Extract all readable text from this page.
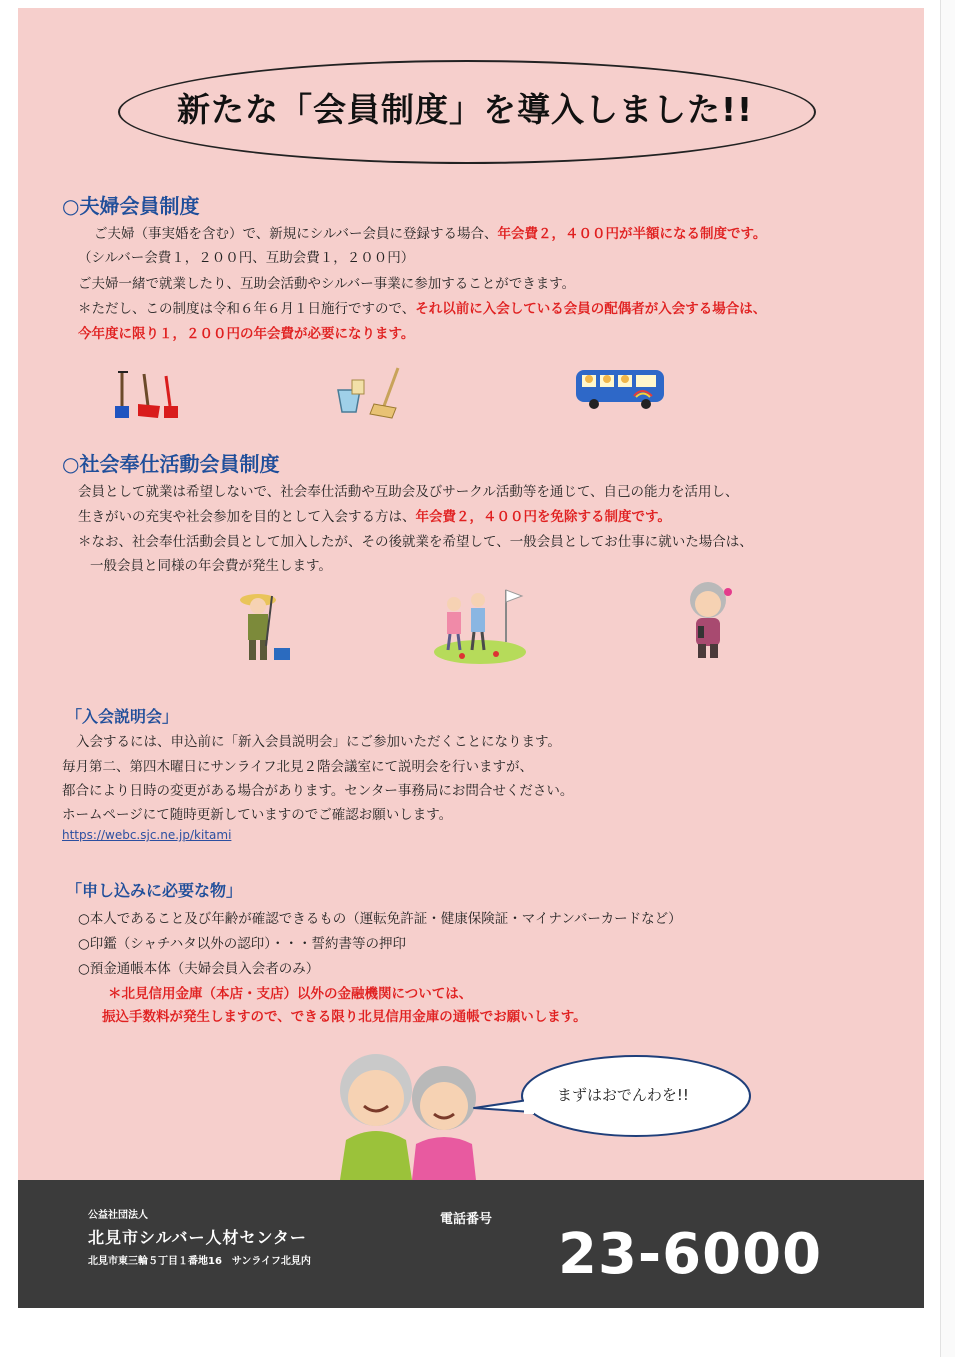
新たな「会員制度」を導入しました!!
○夫婦会員制度
ご夫婦（事実婚を含む）で、新規にシルバー会員に登録する場合、年会費２，４００円が半額になる制度です。
（シルバー会費１，２００円、互助会費１，２００円）
ご夫婦一緒で就業したり、互助会活動やシルバー事業に参加することができます。
＊ただし、この制度は令和６年６月１日施行ですので、それ以前に入会している会員の配偶者が入会する場合は、
今年度に限り１，２００円の年会費が必要になります。
○社会奉仕活動会員制度
会員として就業は希望しないで、社会奉仕活動や互助会及びサークル活動等を通じて、自己の能力を活用し、
生きがいの充実や社会参加を目的として入会する方は、年会費２，４００円を免除する制度です。
＊なお、社会奉仕活動会員として加入したが、その後就業を希望して、一般会員としてお仕事に就いた場合は、
一般会員と同様の年会費が発生します。
「入会説明会」
入会するには、申込前に「新入会員説明会」にご参加いただくことになります。
毎月第二、第四木曜日にサンライフ北見２階会議室にて説明会を行いますが、
都合により日時の変更がある場合があります。センター事務局にお問合せください。
ホームページにて随時更新していますのでご確認お願いします。
https://webc.sjc.ne.jp/kitami
「申し込みに必要な物」
○本人であること及び年齢が確認できるもの（運転免許証・健康保険証・マイナンバーカードなど）
○印鑑（シャチハタ以外の認印）・・・誓約書等の押印
○預金通帳本体（夫婦会員入会者のみ）
＊北見信用金庫（本店・支店）以外の金融機関については、
振込手数料が発生しますので、できる限り北見信用金庫の通帳でお願いします。
まずはおでんわを!!
公益社団法人
北見市シルバー人材センター
北見市東三輪５丁目１番地16　サンライフ北見内
電話番号
23-6000
